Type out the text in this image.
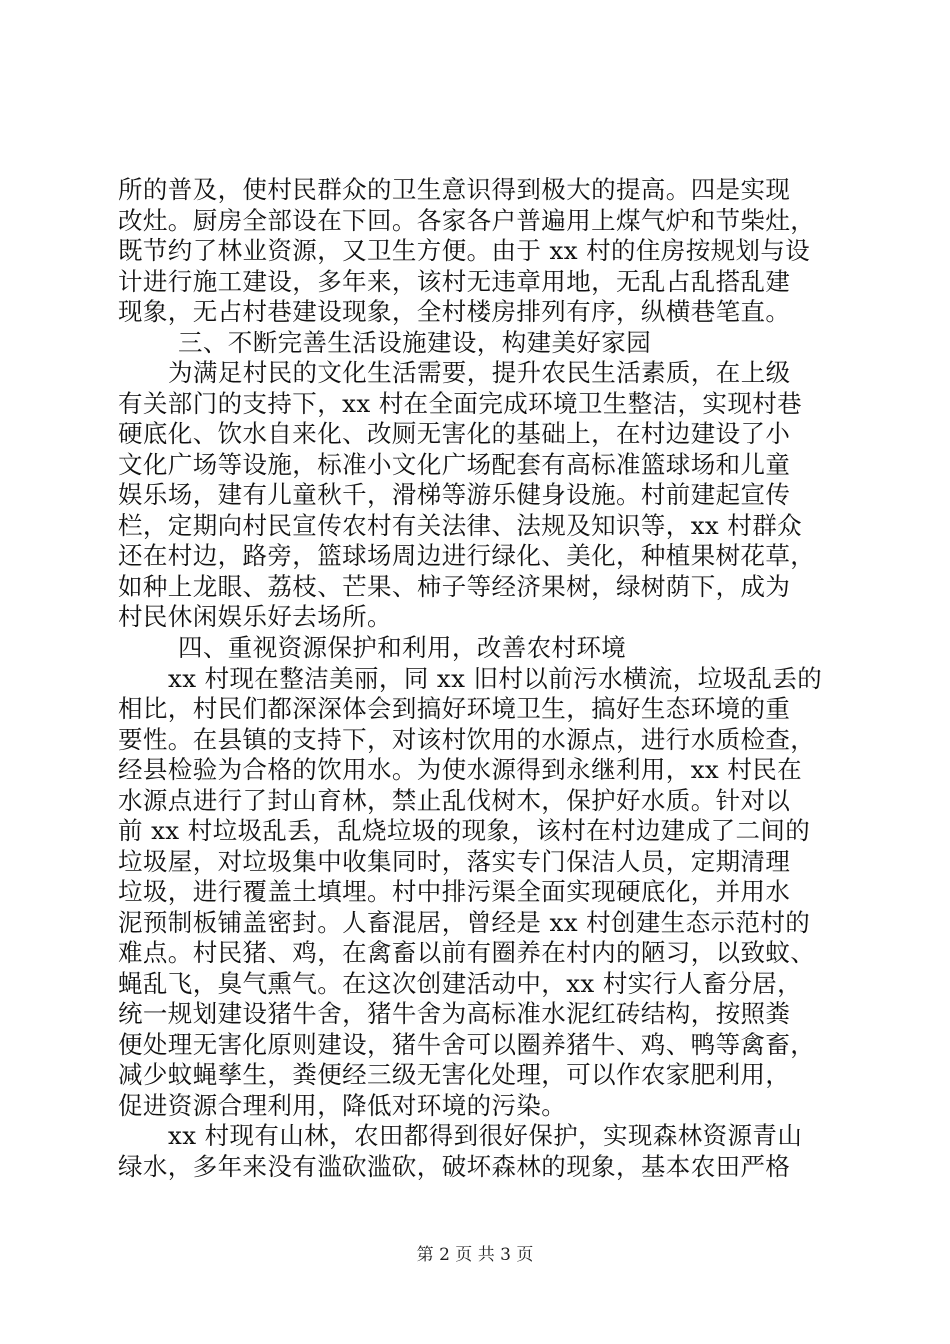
所的普及，使村民群众的卫生意识得到极大的提高。四是实现
改灶。厨房全部设在下回。各家各户普遍用上煤气炉和节柴灶，
既节约了林业资源，又卫生方便。由于 xx 村的住房按规划与设
计进行施工建设，多年来，该村无违章用地，无乱占乱搭乱建
现象，无占村巷建设现象，全村楼房排列有序，纵横巷笔直。
三、不断完善生活设施建设，构建美好家园
为满足村民的文化生活需要，提升农民生活素质，在上级
有关部门的支持下，xx 村在全面完成环境卫生整洁，实现村巷
硬底化、饮水自来化、改厕无害化的基础上，在村边建设了小
文化广场等设施，标准小文化广场配套有高标准篮球场和儿童
娱乐场，建有儿童秋千，滑梯等游乐健身设施。村前建起宣传
栏，定期向村民宣传农村有关法律、法规及知识等，xx 村群众
还在村边，路旁，篮球场周边进行绿化、美化，种植果树花草，
如种上龙眼、荔枝、芒果、柿子等经济果树，绿树荫下，成为
村民休闲娱乐好去场所。
四、重视资源保护和利用，改善农村环境
xx 村现在整洁美丽，同 xx 旧村以前污水横流，垃圾乱丢的
相比，村民们都深深体会到搞好环境卫生，搞好生态环境的重
要性。在县镇的支持下，对该村饮用的水源点，进行水质检查，
经县检验为合格的饮用水。为使水源得到永继利用，xx 村民在
水源点进行了封山育林，禁止乱伐树木，保护好水质。针对以
前 xx 村垃圾乱丢，乱烧垃圾的现象，该村在村边建成了二间的
垃圾屋，对垃圾集中收集同时，落实专门保洁人员，定期清理
垃圾，进行覆盖土填埋。村中排污渠全面实现硬底化，并用水
泥预制板铺盖密封。人畜混居，曾经是 xx 村创建生态示范村的
难点。村民猪、鸡，在禽畜以前有圈养在村内的陋习，以致蚊、
蝇乱飞，臭气熏气。在这次创建活动中，xx 村实行人畜分居，
统一规划建设猪牛舍，猪牛舍为高标准水泥红砖结构，按照粪
便处理无害化原则建设，猪牛舍可以圈养猪牛、鸡、鸭等禽畜，
减少蚊蝇孳生，粪便经三级无害化处理，可以作农家肥利用，
促进资源合理利用，降低对环境的污染。
xx 村现有山林，农田都得到很好保护，实现森林资源青山
绿水，多年来没有滥砍滥砍，破坏森林的现象，基本农田严格
第 2 页 共 3 页
